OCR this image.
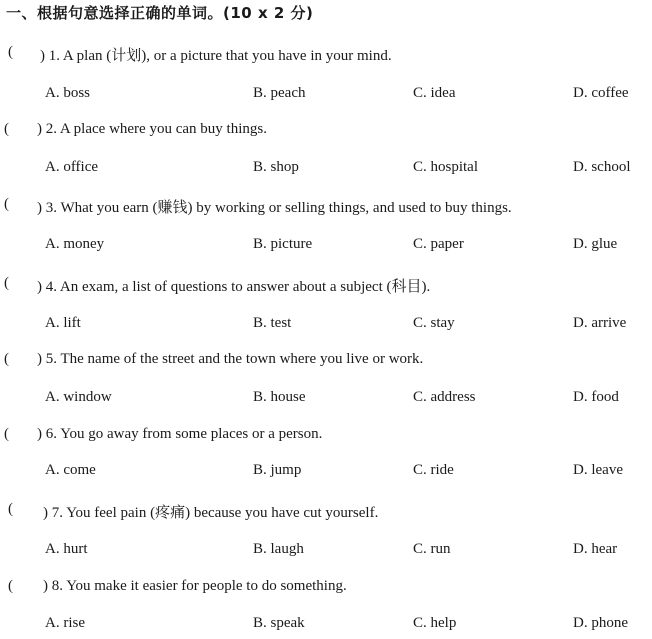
一、根据句意选择正确的单词。(10 x 2 分)
( ) 1. A plan (计划), or a picture that you have in your mind.
A. boss	B. peach	C. idea	D. coffee
( ) 2. A place where you can buy things.
A. office	B. shop	C. hospital	D. school
( ) 3. What you earn (赚钱) by working or selling things, and used to buy things.
A. money	B. picture	C. paper	D. glue
( ) 4. An exam, a list of questions to answer about a subject (科目).
A. lift	B. test	C. stay	D. arrive
( ) 5. The name of the street and the town where you live or work.
A. window	B. house	C. address	D. food
( ) 6. You go away from some places or a person.
A. come	B. jump	C. ride	D. leave
( ) 7. You feel pain (疼痛) because you have cut yourself.
A. hurt	B. laugh	C. run	D. hear
( ) 8. You make it easier for people to do something.
A. rise	B. speak	C. help	D. phone
